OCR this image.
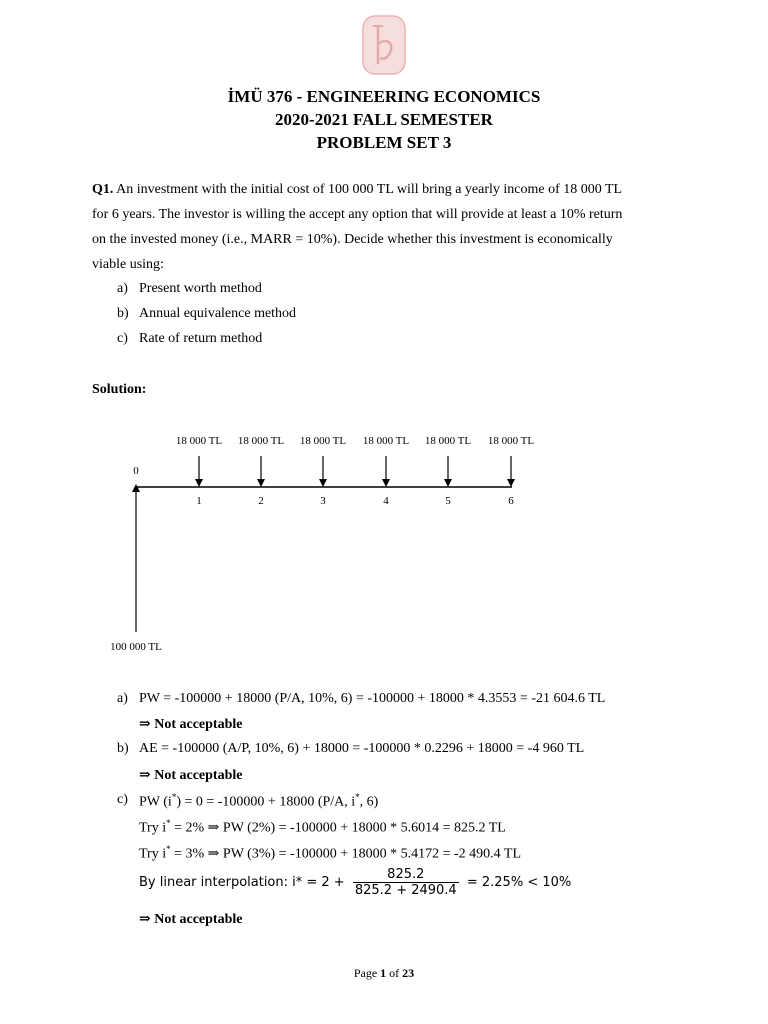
İMÜ 376 - ENGINEERING ECONOMICS
2020-2021 FALL SEMESTER
PROBLEM SET 3
Q1. An investment with the initial cost of 100 000 TL will bring a yearly income of 18 000 TL
for 6 years. The investor is willing the accept any option that will provide at least a 10% return
on the invested money (i.e., MARR = 10%). Decide whether this investment is economically
viable using:
a) Present worth method
b) Annual equivalence method
c) Rate of return method
Solution:
0
1	2	3	4	5	6
18 000 TL 18 000 TL 18 000 TL 18 000 TL 18 000 TL 18 000 TL
100 000 TL
a) PW = -100000 + 18000 (P/A, 10%, 6) = -100000 + 18000 * 4.3553 = -21 604.6 TL
⇒ Not acceptable
b) AE = -100000 (A/P, 10%, 6) + 18000 = -100000 * 0.2296 + 18000 = -4 960 TL
⇒ Not acceptable
c) PW (i*) = 0 = -100000 + 18000 (P/A, i*, 6)
Try i* = 2% ⇒ PW (2%) = -100000 + 18000 * 5.6014 = 825.2 TL
Try i* = 3% ⇒ PW (3%) = -100000 + 18000 * 5.4172 = -2 490.4 TL
By linear interpolation: $i* = 2 + \frac{825.2}{825.2 + 2490.4} = 2.25\% < 10\%$
⇒ Not acceptable
Page 1 of 23
